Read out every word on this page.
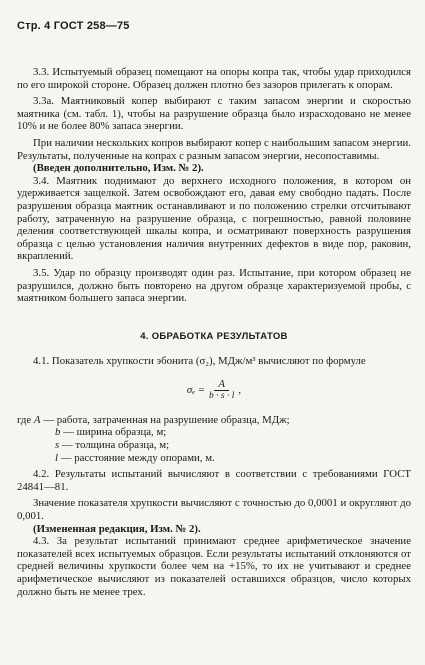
Стр. 4 ГОСТ 258—75

3.3. Испытуемый образец помещают на опоры копра так, чтобы удар приходился по его широкой стороне. Образец должен плотно без зазоров прилегать к опорам.

3.3а. Маятниковый копер выбирают с таким запасом энергии и скоростью маятника (см. табл. 1), чтобы на разрушение образца было израсходовано не менее 10% и не более 80% запаса энергии.

При наличии нескольких копров выбирают копер с наибольшим запасом энергии. Результаты, полученные на копрах с разным запасом энергии, несопоставимы.

(Введен дополнительно, Изм. № 2).

3.4. Маятник поднимают до верхнего исходного положения, в котором он удерживается защелкой. Затем освобождают его, давая ему свободно падать. После разрушения образца маятник останавливают и по положению стрелки отсчитывают работу, затраченную на разрушение образца, с погрешностью, равной половине деления соответствующей шкалы копра, и осматривают поверхность разрушения образца с целью установления наличия внутренних дефектов в виде пор, раковин, вкраплений.

3.5. Удар по образцу производят один раз. Испытание, при котором образец не разрушился, должно быть повторено на другом образце характеризуемой пробы, с маятником большего запаса энергии.

4. ОБРАБОТКА РЕЗУЛЬТАТОВ

4.1. Показатель хрупкости эбонита (σ₂), МДж/м³ вычисляют по формуле

$\sigma_e = \frac{A}{b \cdot s \cdot l}$ ,

где A — работа, затраченная на разрушение образца, МДж;

b — ширина образца, м;

s — толщина образца, м;

l — расстояние между опорами, м.

4.2. Результаты испытаний вычисляют в соответствии с требованиями ГОСТ 24841—81.

Значение показателя хрупкости вычисляют с точностью до 0,0001 и округляют до 0,001.

(Измененная редакция, Изм. № 2).

4.3. За результат испытаний принимают среднее арифметическое значение показателей всех испытуемых образцов. Если результаты испытаний отклоняются от средней величины хрупкости более чем на +15%, то их не учитывают и среднее арифметическое вычисляют из показателей оставшихся образцов, число которых должно быть не менее трех.
